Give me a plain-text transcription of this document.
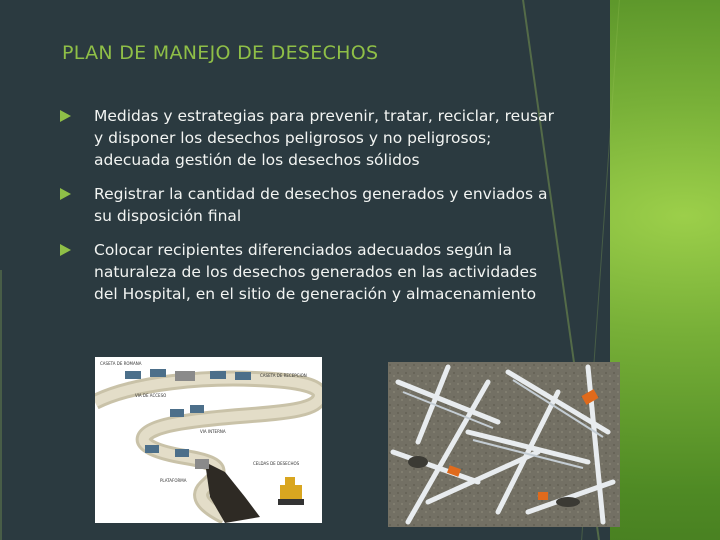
PLAN DE MANEJO DE DESECHOS
Medidas y estrategias para prevenir, tratar, reciclar, reusar y disponer los desechos peligrosos y no peligrosos; adecuada gestión de los desechos sólidos
Registrar la cantidad de desechos generados y enviados a su disposición final
Colocar recipientes diferenciados adecuados según la naturaleza de los desechos generados en las actividades del Hospital, en el sitio de generación y almacenamiento
CASETA DE ROMANA
CASETA DE RECEPCION
VIA DE ACCESO
VIA INTERNA
CELDAS DE DESECHOS
PLATAFORMA
